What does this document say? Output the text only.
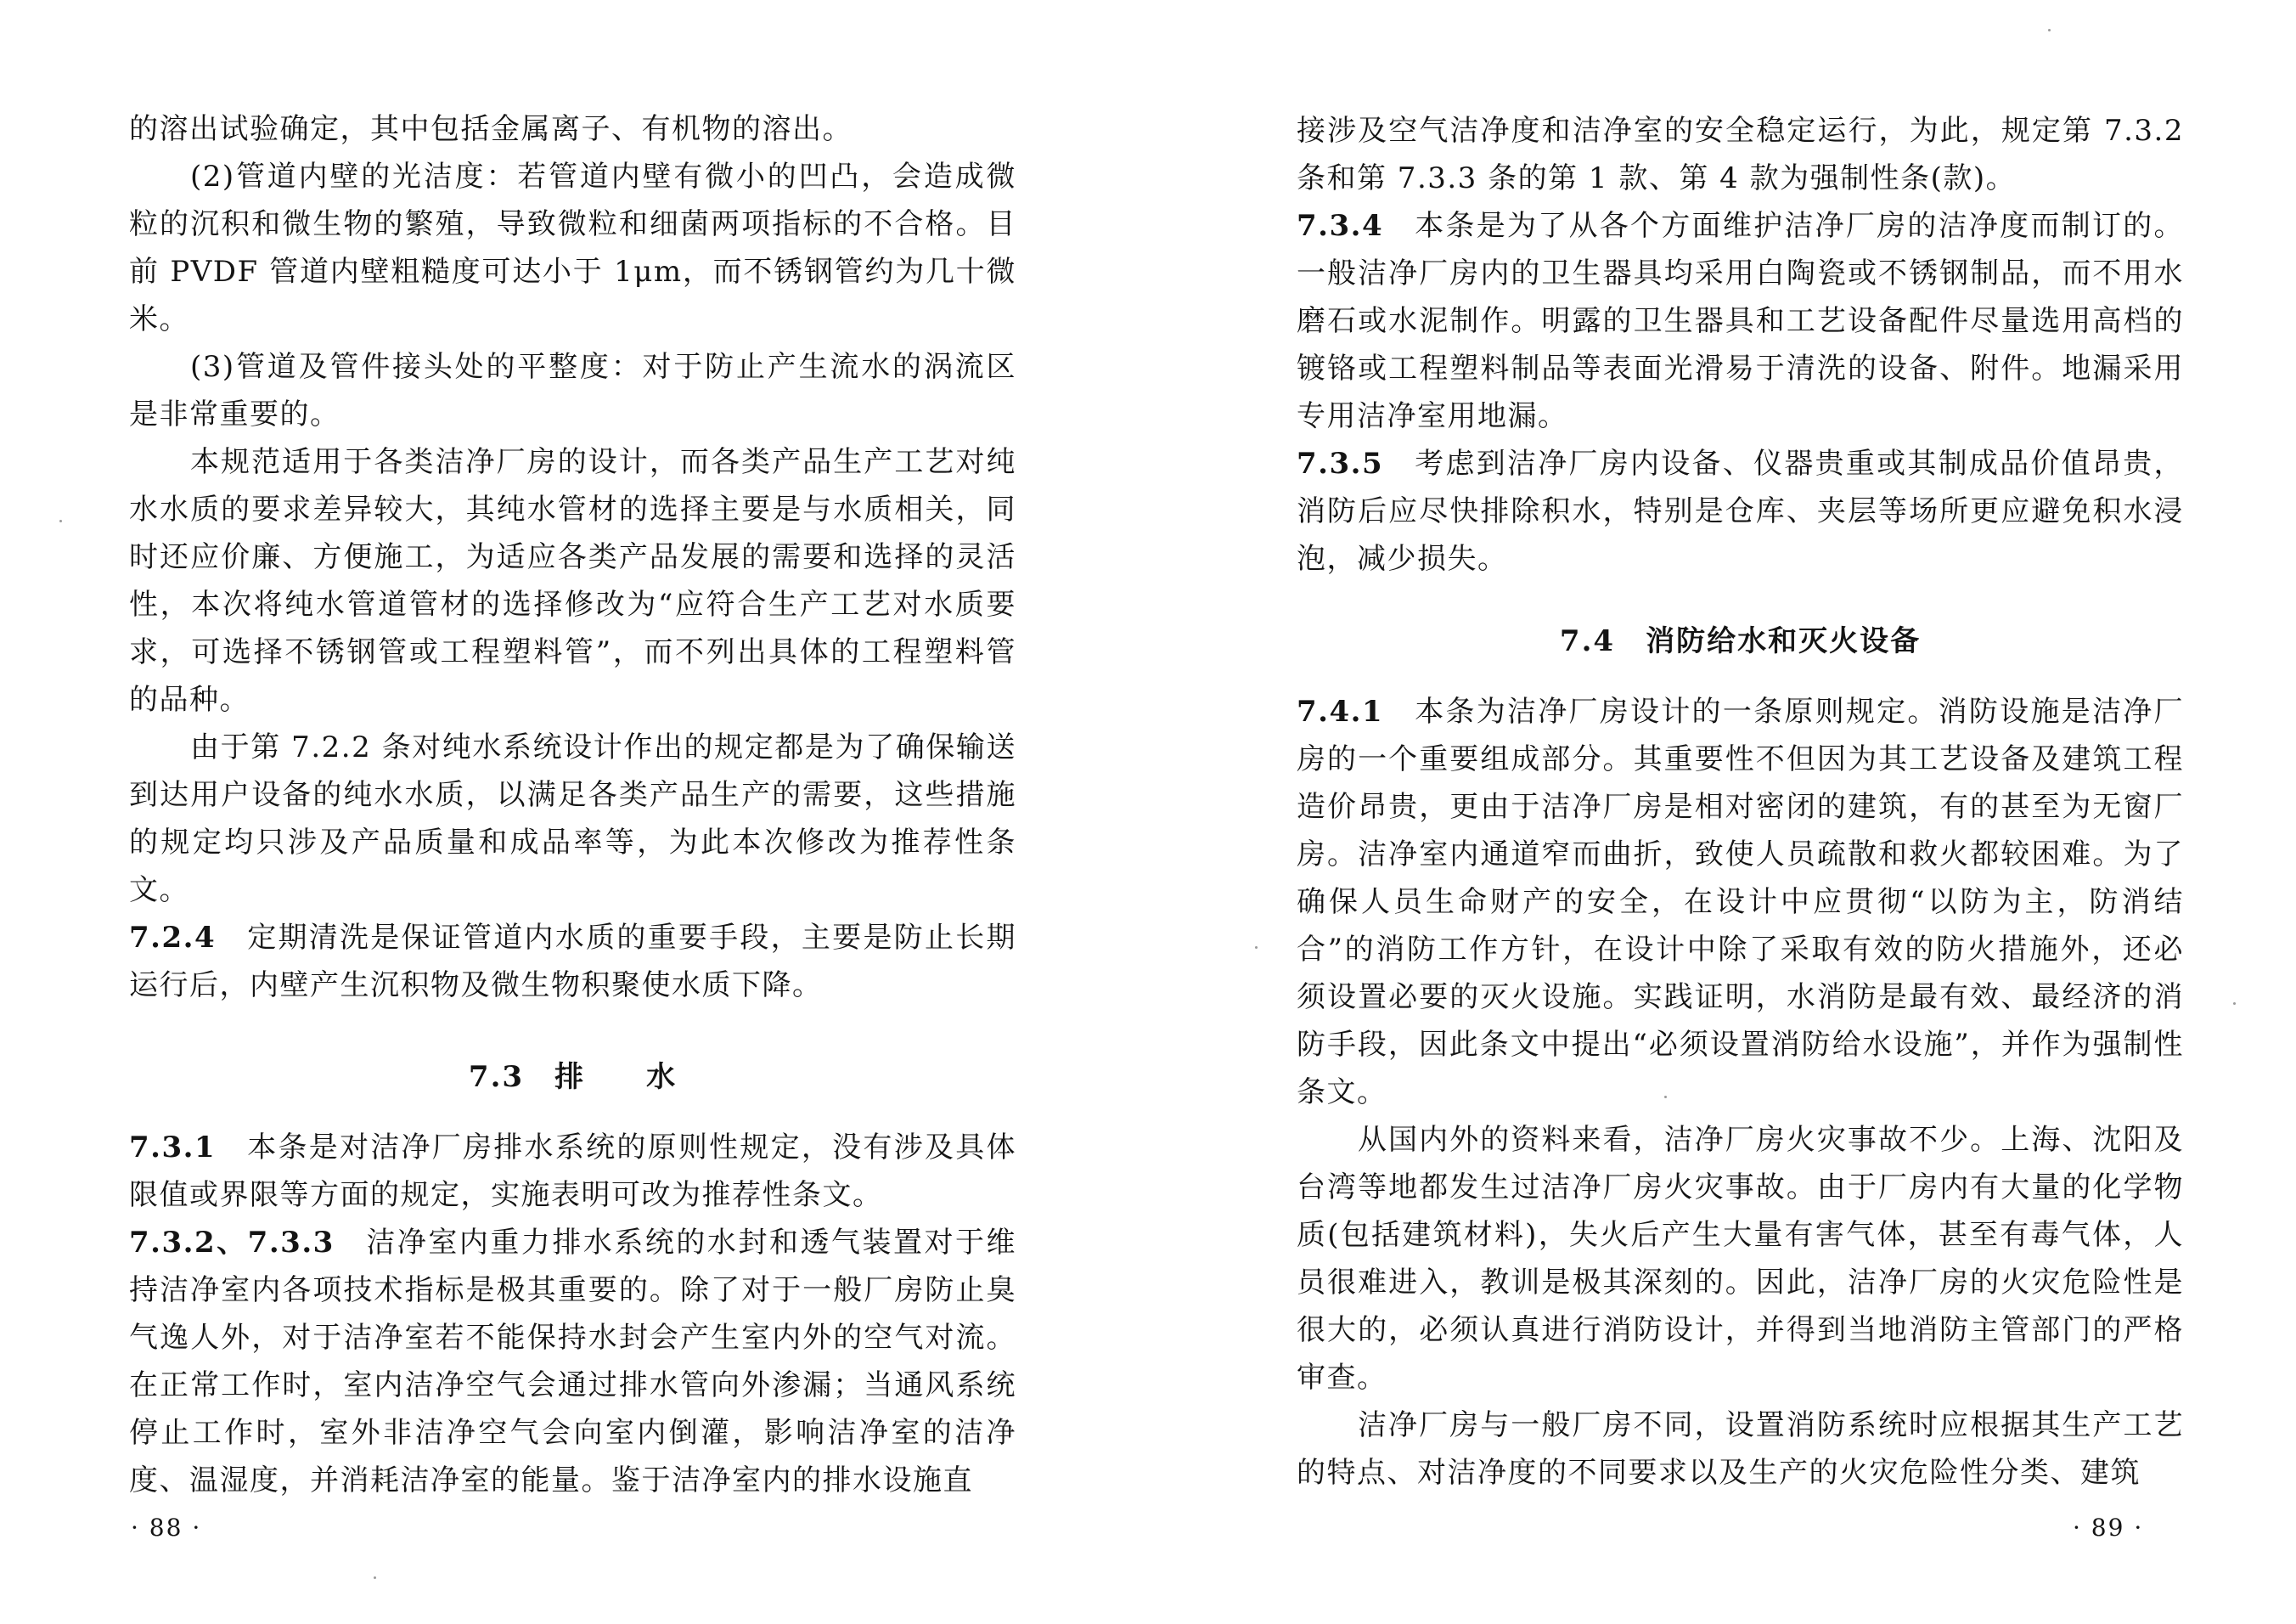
的溶出试验确定，其中包括金属离子、有机物的溶出。

(2)管道内壁的光洁度：若管道内壁有微小的凹凸，会造成微粒的沉积和微生物的繁殖，导致微粒和细菌两项指标的不合格。目前 PVDF 管道内壁粗糙度可达小于 1μm，而不锈钢管约为几十微米。

(3)管道及管件接头处的平整度：对于防止产生流水的涡流区是非常重要的。

本规范适用于各类洁净厂房的设计，而各类产品生产工艺对纯水水质的要求差异较大，其纯水管材的选择主要是与水质相关，同时还应价廉、方便施工，为适应各类产品发展的需要和选择的灵活性，本次将纯水管道管材的选择修改为“应符合生产工艺对水质要求，可选择不锈钢管或工程塑料管”，而不列出具体的工程塑料管的品种。

由于第 7.2.2 条对纯水系统设计作出的规定都是为了确保输送到达用户设备的纯水水质，以满足各类产品生产的需要，这些措施的规定均只涉及产品质量和成品率等，为此本次修改为推荐性条文。

7.2.4　 定期清洗是保证管道内水质的重要手段，主要是防止长期运行后，内壁产生沉积物及微生物积聚使水质下降。

7.3　排　　水

7.3.1　 本条是对洁净厂房排水系统的原则性规定，没有涉及具体限值或界限等方面的规定，实施表明可改为推荐性条文。

7.3.2、7.3.3　 洁净室内重力排水系统的水封和透气装置对于维持洁净室内各项技术指标是极其重要的。除了对于一般厂房防止臭气逸人外，对于洁净室若不能保持水封会产生室内外的空气对流。在正常工作时，室内洁净空气会通过排水管向外渗漏；当通风系统停止工作时，室外非洁净空气会向室内倒灌，影响洁净室的洁净度、温湿度，并消耗洁净室的能量。鉴于洁净室内的排水设施直

· 88 ·

接涉及空气洁净度和洁净室的安全稳定运行，为此，规定第 7.3.2 条和第 7.3.3 条的第 1 款、第 4 款为强制性条(款)。

7.3.4　 本条是为了从各个方面维护洁净厂房的洁净度而制订的。一般洁净厂房内的卫生器具均采用白陶瓷或不锈钢制品，而不用水磨石或水泥制作。明露的卫生器具和工艺设备配件尽量选用高档的镀铬或工程塑料制品等表面光滑易于清洗的设备、附件。地漏采用专用洁净室用地漏。

7.3.5　 考虑到洁净厂房内设备、仪器贵重或其制成品价值昂贵，消防后应尽快排除积水，特别是仓库、夹层等场所更应避免积水浸泡，减少损失。

7.4　消防给水和灭火设备

7.4.1　 本条为洁净厂房设计的一条原则规定。消防设施是洁净厂房的一个重要组成部分。其重要性不但因为其工艺设备及建筑工程造价昂贵，更由于洁净厂房是相对密闭的建筑，有的甚至为无窗厂房。洁净室内通道窄而曲折，致使人员疏散和救火都较困难。为了确保人员生命财产的安全，在设计中应贯彻“以防为主，防消结合”的消防工作方针，在设计中除了采取有效的防火措施外，还必须设置必要的灭火设施。实践证明，水消防是最有效、最经济的消防手段，因此条文中提出“必须设置消防给水设施”，并作为强制性条文。

从国内外的资料来看，洁净厂房火灾事故不少。上海、沈阳及台湾等地都发生过洁净厂房火灾事故。由于厂房内有大量的化学物质(包括建筑材料)，失火后产生大量有害气体，甚至有毒气体，人员很难进入，教训是极其深刻的。因此，洁净厂房的火灾危险性是很大的，必须认真进行消防设计，并得到当地消防主管部门的严格审查。

洁净厂房与一般厂房不同，设置消防系统时应根据其生产工艺的特点、对洁净度的不同要求以及生产的火灾危险性分类、建筑

· 89 ·
